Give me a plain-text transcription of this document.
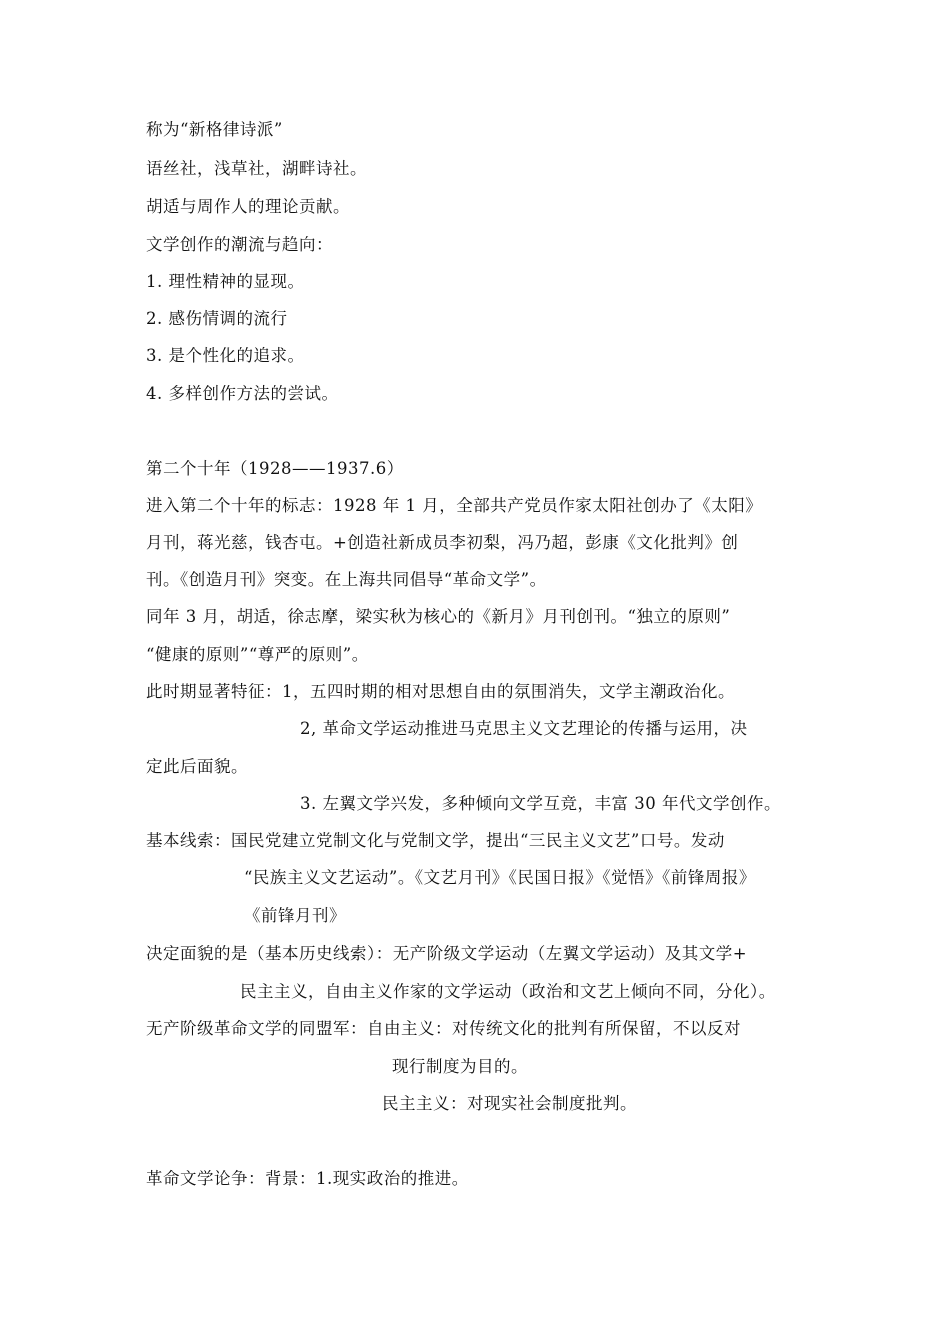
称为“新格律诗派”
语丝社，浅草社，湖畔诗社。
胡适与周作人的理论贡献。
文学创作的潮流与趋向：
1. 理性精神的显现。
2. 感伤情调的流行
3. 是个性化的追求。
4. 多样创作方法的尝试。
第二个十年（1928——1937.6）
进入第二个十年的标志：1928 年 1 月，全部共产党员作家太阳社创办了《太阳》
月刊，蒋光慈，钱杏屯。+创造社新成员李初梨，冯乃超，彭康《文化批判》创
刊。《创造月刊》突变。在上海共同倡导“革命文学”。
同年 3 月，胡适，徐志摩，梁实秋为核心的《新月》月刊创刊。“独立的原则”
“健康的原则”“尊严的原则”。
此时期显著特征：1，五四时期的相对思想自由的氛围消失，文学主潮政治化。
2, 革命文学运动推进马克思主义文艺理论的传播与运用，决
定此后面貌。
3. 左翼文学兴发，多种倾向文学互竞，丰富 30 年代文学创作。
基本线索：国民党建立党制文化与党制文学，提出“三民主义文艺”口号。发动
“民族主义文艺运动”。《文艺月刊》《民国日报》《觉悟》《前锋周报》
《前锋月刊》
决定面貌的是（基本历史线索）：无产阶级文学运动（左翼文学运动）及其文学+
民主主义，自由主义作家的文学运动（政治和文艺上倾向不同，分化）。
无产阶级革命文学的同盟军：自由主义：对传统文化的批判有所保留，不以反对
现行制度为目的。
民主主义：对现实社会制度批判。
革命文学论争：背景：1.现实政治的推进。
